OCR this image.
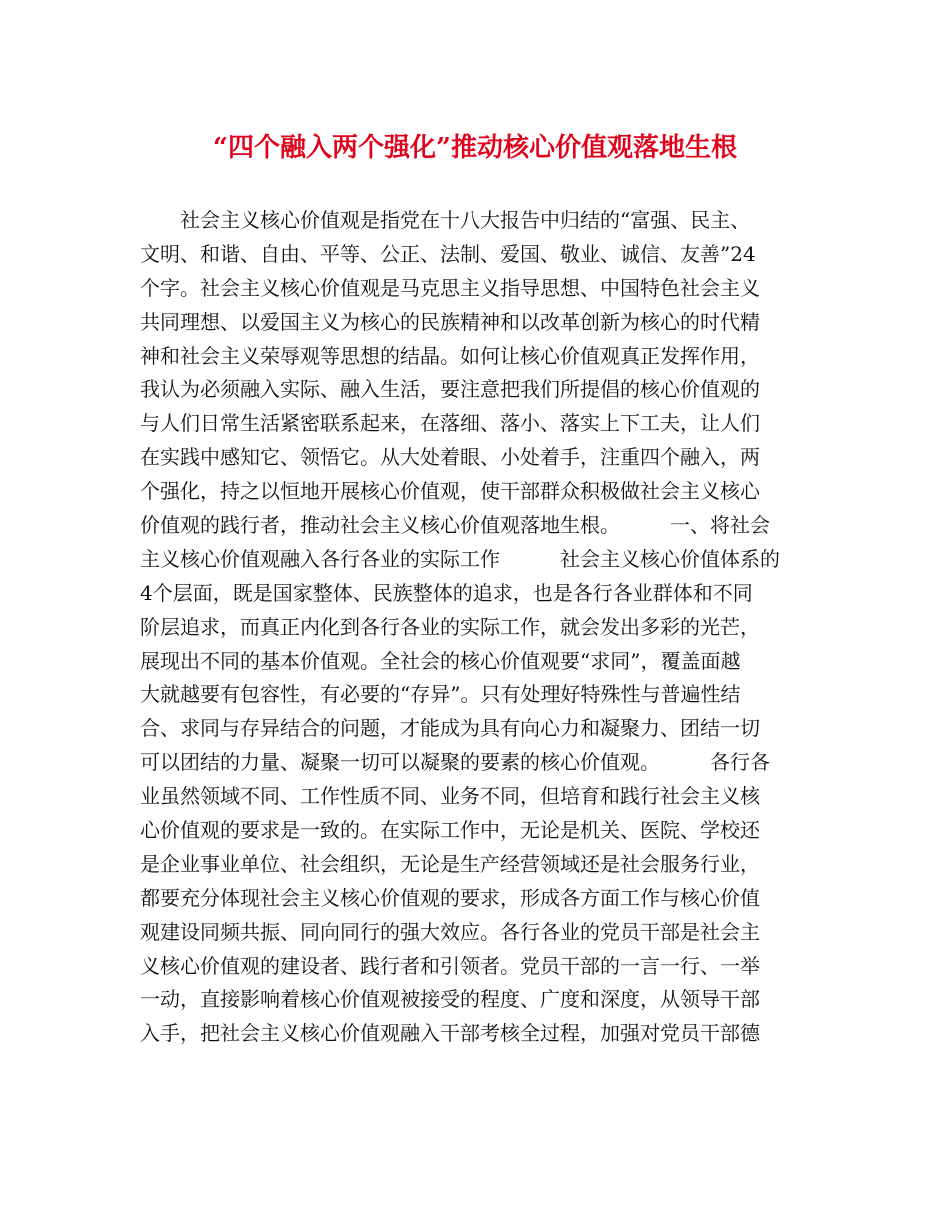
“四个融入两个强化”推动核心价值观落地生根
　　社会主义核心价值观是指党在十八大报告中归结的“富强、民主、
文明、和谐、自由、平等、公正、法制、爱国、敬业、诚信、友善”24
个字。社会主义核心价值观是马克思主义指导思想、中国特色社会主义
共同理想、以爱国主义为核心的民族精神和以改革创新为核心的时代精
神和社会主义荣辱观等思想的结晶。如何让核心价值观真正发挥作用，
我认为必须融入实际、融入生活，要注意把我们所提倡的核心价值观的
与人们日常生活紧密联系起来，在落细、落小、落实上下工夫，让人们
在实践中感知它、领悟它。从大处着眼、小处着手，注重四个融入，两
个强化，持之以恒地开展核心价值观，使干部群众积极做社会主义核心
价值观的践行者，推动社会主义核心价值观落地生根。　　　一、将社会
主义核心价值观融入各行各业的实际工作　　　社会主义核心价值体系的
4个层面，既是国家整体、民族整体的追求，也是各行各业群体和不同
阶层追求，而真正内化到各行各业的实际工作，就会发出多彩的光芒，
展现出不同的基本价值观。全社会的核心价值观要“求同”，覆盖面越
大就越要有包容性，有必要的“存异”。只有处理好特殊性与普遍性结
合、求同与存异结合的问题，才能成为具有向心力和凝聚力、团结一切
可以团结的力量、凝聚一切可以凝聚的要素的核心价值观。　　　各行各
业虽然领域不同、工作性质不同、业务不同，但培育和践行社会主义核
心价值观的要求是一致的。在实际工作中，无论是机关、医院、学校还
是企业事业单位、社会组织，无论是生产经营领域还是社会服务行业，
都要充分体现社会主义核心价值观的要求，形成各方面工作与核心价值
观建设同频共振、同向同行的强大效应。各行各业的党员干部是社会主
义核心价值观的建设者、践行者和引领者。党员干部的一言一行、一举
一动，直接影响着核心价值观被接受的程度、广度和深度，从领导干部
入手，把社会主义核心价值观融入干部考核全过程，加强对党员干部德
